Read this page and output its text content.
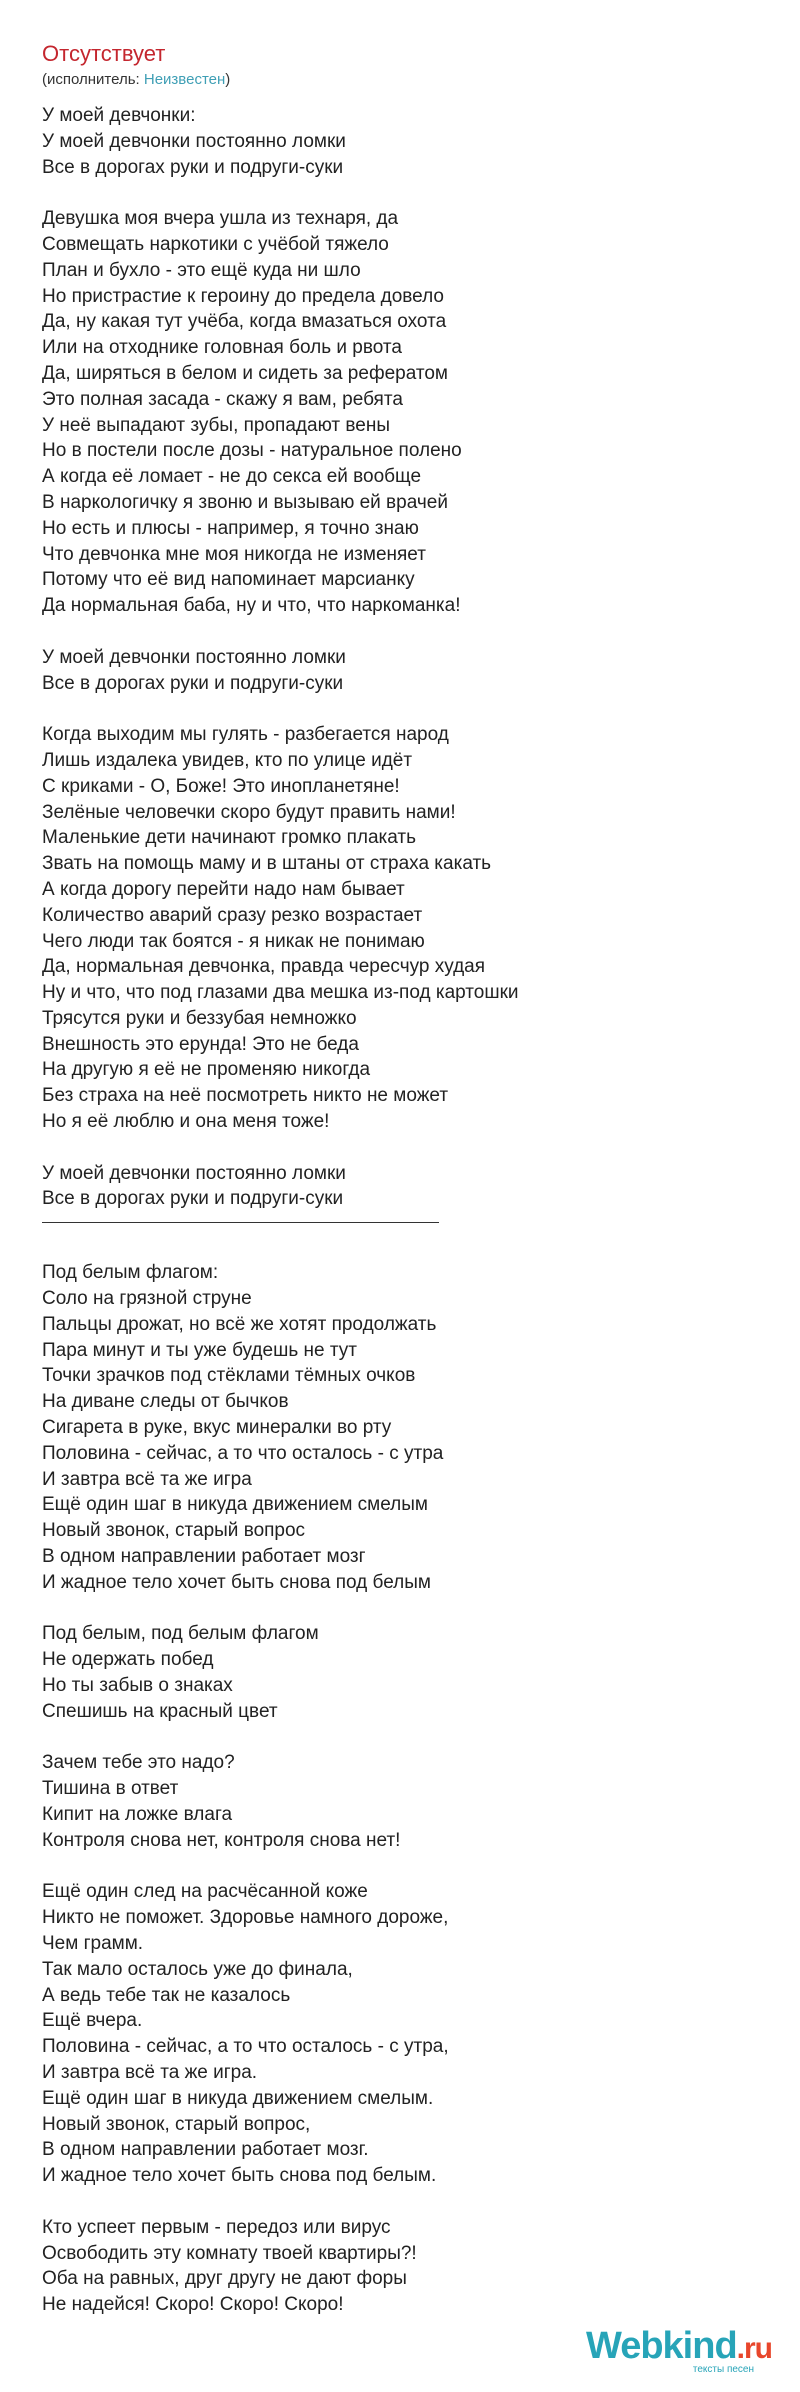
Отсутствует
(исполнитель: Неизвестен)
У моей девчонки:
У моей девчонки постоянно ломки
Все в дорогах руки и подруги-суки
Девушка моя вчера ушла из технаря, да
Совмещать наркотики с учёбой тяжело
План и бухло - это ещё куда ни шло
Но пристрастие к героину до предела довело
Да, ну какая тут учёба, когда вмазаться охота
Или на отходнике головная боль и рвота
Да, ширяться в белом и сидеть за рефератом
Это полная засада - скажу я вам, ребята
У неё выпадают зубы, пропадают вены
Но в постели после дозы - натуральное полено
А когда её ломает - не до секса ей вообще
В наркологичку я звоню и вызываю ей врачей
Но есть и плюсы - например, я точно знаю
Что девчонка мне моя никогда не изменяет
Потому что её вид напоминает марсианку
Да нормальная баба, ну и что, что наркоманка!
У моей девчонки постоянно ломки
Все в дорогах руки и подруги-суки
Когда выходим мы гулять - разбегается народ
Лишь издалека увидев, кто по улице идёт
С криками - О, Боже! Это инопланетяне!
Зелёные человечки скоро будут править нами!
Маленькие дети начинают громко плакать
Звать на помощь маму и в штаны от страха какать
А когда дорогу перейти надо нам бывает
Количество аварий сразу резко возрастает
Чего люди так боятся - я никак не понимаю
Да, нормальная девчонка, правда чересчур худая
Ну и что, что под глазами два мешка из-под картошки
Трясутся руки и беззубая немножко
Внешность это ерунда! Это не беда
На другую я её не променяю никогда
Без страха на неё посмотреть никто не может
Но я её люблю и она меня тоже!
У моей девчонки постоянно ломки
Все в дорогах руки и подруги-суки
Под белым флагом:
Соло на грязной струне
Пальцы дрожат, но всё же хотят продолжать
Пара минут и ты уже будешь не тут
Точки зрачков под стёклами тёмных очков
На диване следы от бычков
Сигарета в руке, вкус минералки во рту
Половина - сейчас, а то что осталось - с утра
И завтра всё та же игра
Ещё один шаг в никуда движением смелым
Новый звонок, старый вопрос
В одном направлении работает мозг
И жадное тело хочет быть снова под белым
Под белым, под белым флагом
Не одержать побед
Но ты забыв о знаках
Спешишь на красный цвет
Зачем тебе это надо?
Тишина в ответ
Кипит на ложке влага
Контроля снова нет, контроля снова нет!
Ещё один след на расчёсанной коже
Никто не поможет. Здоровье намного дороже,
Чем грамм.
Так мало осталось уже до финала,
А ведь тебе так не казалось
Ещё вчера.
Половина - сейчас, а то что осталось - с утра,
И завтра всё та же игра.
Ещё один шаг в никуда движением смелым.
Новый звонок, старый вопрос,
В одном направлении работает мозг.
И жадное тело хочет быть снова под белым.
Кто успеет первым - передоз или вирус
Освободить эту комнату твоей квартиры?!
Оба на равных, друг другу не дают форы
Не надейся! Скоро! Скоро! Скоро!
Webkind.ru
тексты песен
